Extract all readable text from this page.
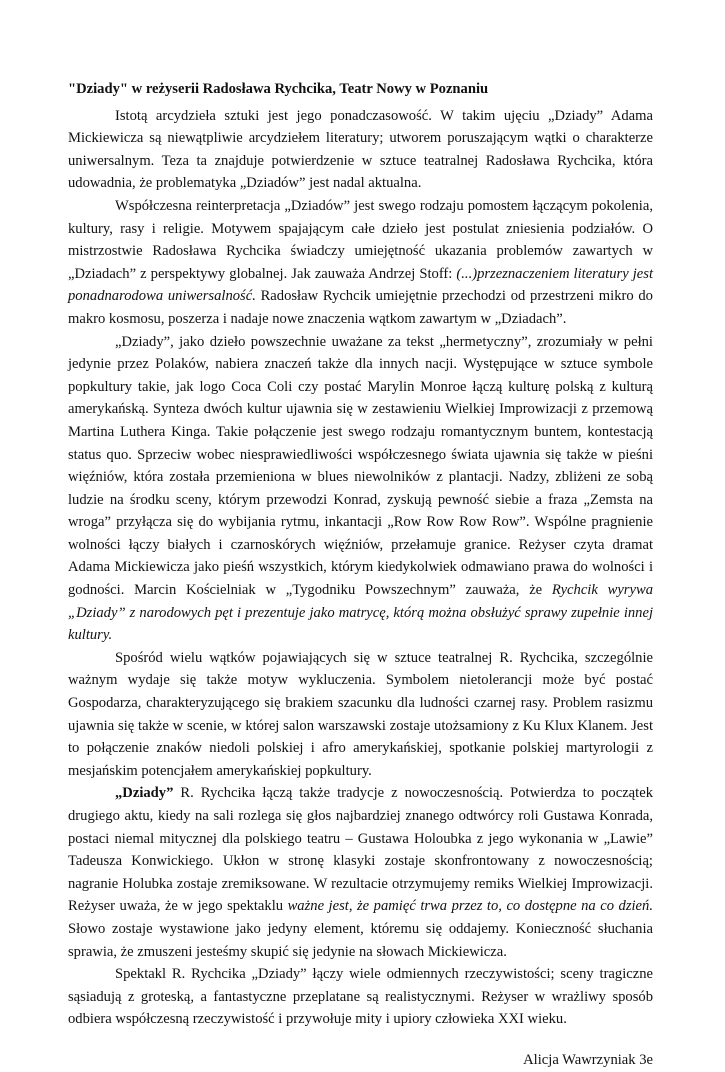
"Dziady" w reżyserii Radosława Rychcika, Teatr Nowy w Poznaniu

Istotą arcydzieła sztuki jest jego ponadczasowość. W takim ujęciu „Dziady” Adama Mickiewicza są niewątpliwie arcydziełem literatury; utworem poruszającym wątki o charakterze uniwersalnym. Teza ta znajduje potwierdzenie w sztuce teatralnej Radosława Rychcika, która udowadnia, że problematyka „Dziadów” jest nadal aktualna.

Współczesna reinterpretacja „Dziadów” jest swego rodzaju pomostem łączącym pokolenia, kultury, rasy i religie. Motywem spajającym całe dzieło jest postulat zniesienia podziałów. O mistrzostwie Radosława Rychcika świadczy umiejętność ukazania problemów zawartych w „Dziadach” z perspektywy globalnej. Jak zauważa Andrzej Stoff: (...)przeznaczeniem literatury jest ponadnarodowa uniwersalność. Radosław Rychcik umiejętnie przechodzi od przestrzeni mikro do makro kosmosu, poszerza i nadaje nowe znaczenia wątkom zawartym w „Dziadach”.

„Dziady”, jako dzieło powszechnie uważane za tekst „hermetyczny”, zrozumiały w pełni jedynie przez Polaków, nabiera znaczeń także dla innych nacji. Występujące w sztuce symbole popkultury takie, jak logo Coca Coli czy postać Marylin Monroe łączą kulturę polską z kulturą amerykańską. Synteza dwóch kultur ujawnia się w zestawieniu Wielkiej Improwizacji z przemową Martina Luthera Kinga. Takie połączenie jest swego rodzaju romantycznym buntem, kontestacją status quo. Sprzeciw wobec niesprawiedliwości współczesnego świata ujawnia się także w pieśni więźniów, która została przemieniona w blues niewolników z plantacji. Nadzy, zbliżeni ze sobą ludzie na środku sceny, którym przewodzi Konrad, zyskują pewność siebie a fraza „Zemsta na wroga” przyłącza się do wybijania rytmu, inkantacji „Row Row Row Row”. Wspólne pragnienie wolności łączy białych i czarnoskórych więźniów, przełamuje granice. Reżyser czyta dramat Adama Mickiewicza jako pieśń wszystkich, którym kiedykolwiek odmawiano prawa do wolności i godności. Marcin Kościelniak w „Tygodniku Powszechnym” zauważa, że Rychcik wyrywa „Dziady” z narodowych pęt i prezentuje jako matrycę, którą można obsłużyć sprawy zupełnie innej kultury.

Spośród wielu wątków pojawiających się w sztuce teatralnej R. Rychcika, szczególnie ważnym wydaje się także motyw wykluczenia. Symbolem nietolerancji może być postać Gospodarza, charakteryzującego się brakiem szacunku dla ludności czarnej rasy. Problem rasizmu ujawnia się także w scenie, w której salon warszawski zostaje utożsamiony z Ku Klux Klanem. Jest to połączenie znaków niedoli polskiej i afro amerykańskiej, spotkanie polskiej martyrologii z mesjańskim potencjałem amerykańskiej popkultury.

„Dziady” R. Rychcika łączą także tradycje z nowoczesnością. Potwierdza to początek drugiego aktu, kiedy na sali rozlega się głos najbardziej znanego odtwórcy roli Gustawa Konrada, postaci niemal mitycznej dla polskiego teatru – Gustawa Holoubka z jego wykonania w „Lawie” Tadeusza Konwickiego. Ukłon w stronę klasyki zostaje skonfrontowany z nowoczesnością; nagranie Holubka zostaje zremiksowane. W rezultacie otrzymujemy remiks Wielkiej Improwizacji. Reżyser uważa, że w jego spektaklu ważne jest, że pamięć trwa przez to, co dostępne na co dzień. Słowo zostaje wystawione jako jedyny element, któremu się oddajemy. Konieczność słuchania sprawia, że zmuszeni jesteśmy skupić się jedynie na słowach Mickiewicza.

Spektakl R. Rychcika „Dziady” łączy wiele odmiennych rzeczywistości; sceny tragiczne sąsiadują z groteską, a fantastyczne przeplatane są realistycznymi. Reżyser w wrażliwy sposób odbiera współczesną rzeczywistość i przywołuje mity i upiory człowieka XXI wieku.

Alicja Wawrzyniak 3e
